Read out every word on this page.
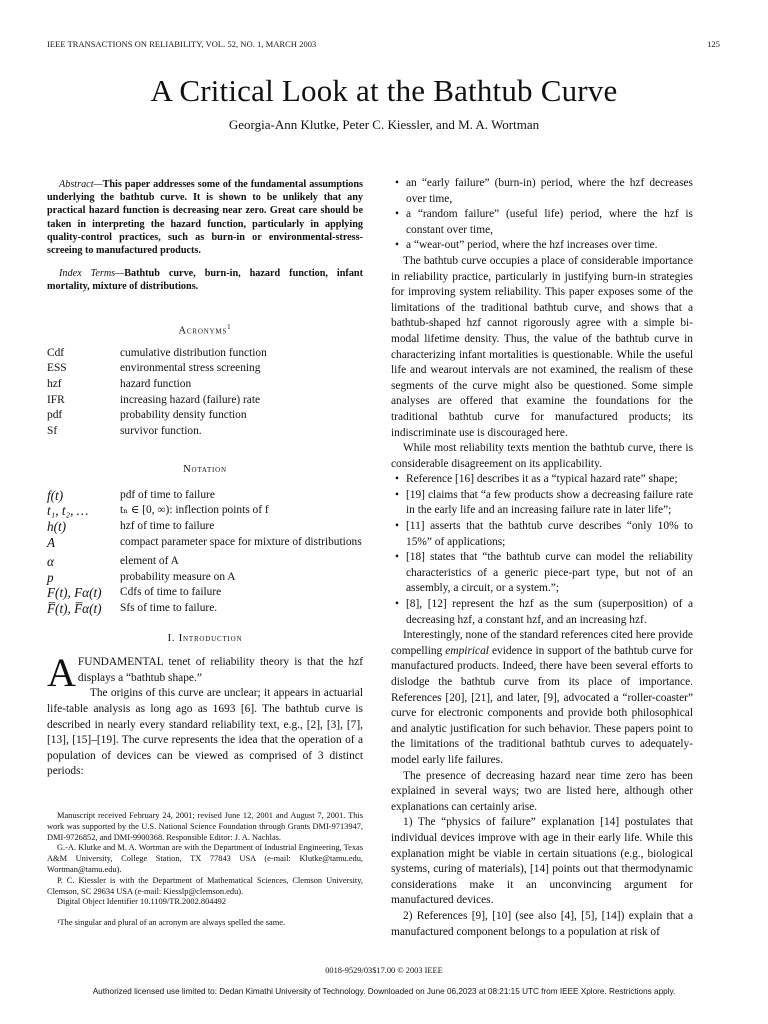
IEEE TRANSACTIONS ON RELIABILITY, VOL. 52, NO. 1, MARCH 2003	125
A Critical Look at the Bathtub Curve
Georgia-Ann Klutke, Peter C. Kiessler, and M. A. Wortman

Abstract—This paper addresses some of the fundamental assumptions underlying the bathtub curve. It is shown to be unlikely that any practical hazard function is decreasing near zero. Great care should be taken in interpreting the hazard function, particularly in applying quality-control practices, such as burn-in or environmental-stress-screeing to manufactured products.

Index Terms—Bathtub curve, burn-in, hazard function, infant mortality, mixture of distributions.

Acronyms$^1$
Cdf	cumulative distribution function
ESS	environmental stress screening
hzf	hazard function
IFR	increasing hazard (failure) rate
pdf	probability density function
Sf	survivor function.
Notation
f(t)	pdf of time to failure
t₁, t₂, …	tₙ ∈ [0, ∞): inflection points of f
h(t)	hzf of time to failure
A	compact parameter space for mixture of distributions
α	element of A
p	probability measure on A
F(t), Fα(t)	Cdfs of time to failure
F̅(t), F̅α(t)	Sfs of time to failure.
I. Introduction
AFUNDAMENTAL tenet of reliability theory is that the hzf displays a “bathtub shape.”

The origins of this curve are unclear; it appears in actuarial life-table analysis as long ago as 1693 [6]. The bathtub curve is described in nearly every standard reliability text, e.g., [2], [3], [7], [13], [15]–[19]. The curve represents the idea that the operation of a population of devices can be viewed as comprised of 3 distinct periods:

Manuscript received February 24, 2001; revised June 12, 2001 and August 7, 2001. This work was supported by the U.S. National Science Foundation through Grants DMI-9713947, DMI-9726852, and DMI-9900368. Responsible Editor: J. A. Nachlas.

G.-A. Klutke and M. A. Wortman are with the Department of Industrial Engineering, Texas A&M University, College Station, TX 77843 USA (e-mail: Klutke@tamu.edu, Wortman@tamu.edu).

P. C. Kiessler is with the Department of Mathematical Sciences, Clemson University, Clemson, SC 29634 USA (e-mail: Kiesslp@clemson.edu).

Digital Object Identifier 10.1109/TR.2002.804492

¹The singular and plural of an acronym are always spelled the same.

• an “early failure” (burn-in) period, where the hzf decreases over time,
• a “random failure” (useful life) period, where the hzf is constant over time,
• a “wear-out” period, where the hzf increases over time.

The bathtub curve occupies a place of considerable importance in reliability practice, particularly in justifying burn-in strategies for improving system reliability. This paper exposes some of the limitations of the traditional bathtub curve, and shows that a bathtub-shaped hzf cannot rigorously agree with a simple bi-modal lifetime density. Thus, the value of the bathtub curve in characterizing infant mortalities is questionable. While the useful life and wearout intervals are not examined, the realism of these segments of the curve might also be questioned. Some simple analyses are offered that examine the foundations for the traditional bathtub curve for manufactured products; its indiscriminate use is discouraged here.

While most reliability texts mention the bathtub curve, there is considerable disagreement on its applicability.

• Reference [16] describes it as a “typical hazard rate” shape;
• [19] claims that “a few products show a decreasing failure rate in the early life and an increasing failure rate in later life”;
• [11] asserts that the bathtub curve describes “only 10% to 15%” of applications;
• [18] states that “the bathtub curve can model the reliability characteristics of a generic piece-part type, but not of an assembly, a circuit, or a system.”;
• [8], [12] represent the hzf as the sum (superposition) of a decreasing hzf, a constant hzf, and an increasing hzf.

Interestingly, none of the standard references cited here provide compelling empirical evidence in support of the bathtub curve for manufactured products. Indeed, there have been several efforts to dislodge the bathtub curve from its place of importance. References [20], [21], and later, [9], advocated a “roller-coaster” curve for electronic components and provide both philosophical and analytic justification for such behavior. These papers point to the limitations of the traditional bathtub curves to adequately-model early life failures.

The presence of decreasing hazard near time zero has been explained in several ways; two are listed here, although other explanations can certainly arise.

1) The “physics of failure” explanation [14] postulates that individual devices improve with age in their early life. While this explanation might be viable in certain situations (e.g., biological systems, curing of materials), [14] points out that thermodynamic considerations make it an unconvincing argument for manufactured devices.

2) References [9], [10] (see also [4], [5], [14]) explain that a manufactured component belongs to a population at risk of

0018-9529/03$17.00 © 2003 IEEE
Authorized licensed use limited to: Dedan Kimathi University of Technology. Downloaded on June 06,2023 at 08:21:15 UTC from IEEE Xplore. Restrictions apply.
